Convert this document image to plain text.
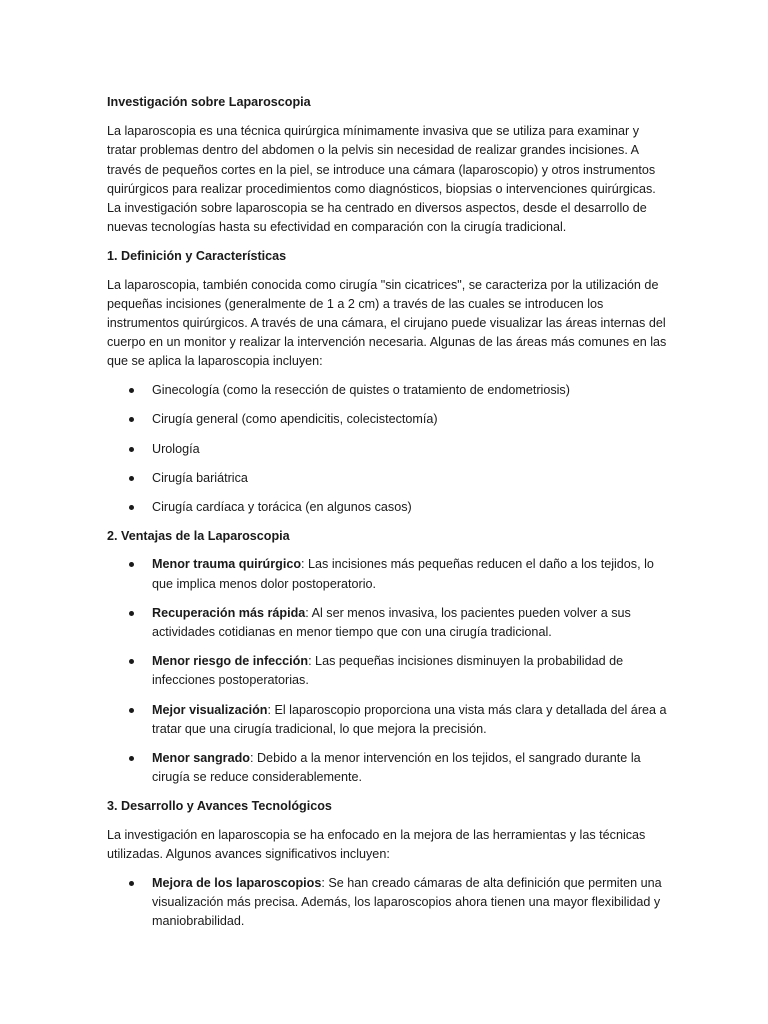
Investigación sobre Laparoscopia

La laparoscopia es una técnica quirúrgica mínimamente invasiva que se utiliza para examinar y tratar problemas dentro del abdomen o la pelvis sin necesidad de realizar grandes incisiones. A través de pequeños cortes en la piel, se introduce una cámara (laparoscopio) y otros instrumentos quirúrgicos para realizar procedimientos como diagnósticos, biopsias o intervenciones quirúrgicas. La investigación sobre laparoscopia se ha centrado en diversos aspectos, desde el desarrollo de nuevas tecnologías hasta su efectividad en comparación con la cirugía tradicional.

1. Definición y Características

La laparoscopia, también conocida como cirugía "sin cicatrices", se caracteriza por la utilización de pequeñas incisiones (generalmente de 1 a 2 cm) a través de las cuales se introducen los instrumentos quirúrgicos. A través de una cámara, el cirujano puede visualizar las áreas internas del cuerpo en un monitor y realizar la intervención necesaria. Algunas de las áreas más comunes en las que se aplica la laparoscopia incluyen:

Ginecología (como la resección de quistes o tratamiento de endometriosis)
Cirugía general (como apendicitis, colecistectomía)
Urología
Cirugía bariátrica
Cirugía cardíaca y torácica (en algunos casos)
2. Ventajas de la Laparoscopia
Menor trauma quirúrgico: Las incisiones más pequeñas reducen el daño a los tejidos, lo que implica menos dolor postoperatorio.
Recuperación más rápida: Al ser menos invasiva, los pacientes pueden volver a sus actividades cotidianas en menor tiempo que con una cirugía tradicional.
Menor riesgo de infección: Las pequeñas incisiones disminuyen la probabilidad de infecciones postoperatorias.
Mejor visualización: El laparoscopio proporciona una vista más clara y detallada del área a tratar que una cirugía tradicional, lo que mejora la precisión.
Menor sangrado: Debido a la menor intervención en los tejidos, el sangrado durante la cirugía se reduce considerablemente.
3. Desarrollo y Avances Tecnológicos

La investigación en laparoscopia se ha enfocado en la mejora de las herramientas y las técnicas utilizadas. Algunos avances significativos incluyen:

Mejora de los laparoscopios: Se han creado cámaras de alta definición que permiten una visualización más precisa. Además, los laparoscopios ahora tienen una mayor flexibilidad y maniobrabilidad.
